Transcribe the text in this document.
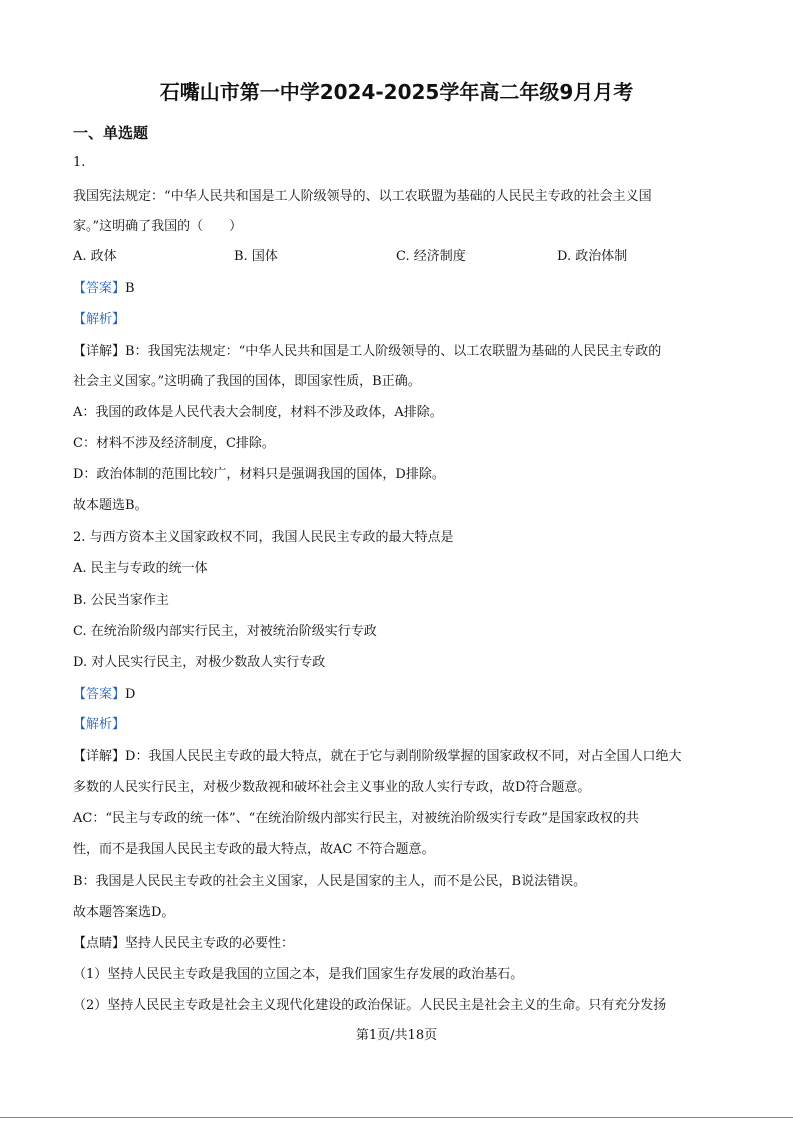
石嘴山市第一中学2024-2025学年高二年级9月月考
一、单选题
1.
我国宪法规定：“中华人民共和国是工人阶级领导的、以工农联盟为基础的人民民主专政的社会主义国
家。”这明确了我国的（　　）
A. 政体	B. 国体	C. 经济制度	D. 政治体制
【答案】B
【解析】
【详解】B：我国宪法规定：“中华人民共和国是工人阶级领导的、以工农联盟为基础的人民民主专政的
社会主义国家。”这明确了我国的国体，即国家性质，B正确。
A：我国的政体是人民代表大会制度，材料不涉及政体，A排除。
C：材料不涉及经济制度，C排除。
D：政治体制的范围比较广，材料只是强调我国的国体，D排除。
故本题选B。
2. 与西方资本主义国家政权不同，我国人民民主专政的最大特点是
A. 民主与专政的统一体
B. 公民当家作主
C. 在统治阶级内部实行民主，对被统治阶级实行专政
D. 对人民实行民主，对极少数敌人实行专政
【答案】D
【解析】
【详解】D：我国人民民主专政的最大特点，就在于它与剥削阶级掌握的国家政权不同，对占全国人口绝大
多数的人民实行民主，对极少数敌视和破坏社会主义事业的敌人实行专政，故D符合题意。
AC：“民主与专政的统一体”、“在统治阶级内部实行民主，对被统治阶级实行专政”是国家政权的共
性，而不是我国人民民主专政的最大特点，故AC 不符合题意。
B：我国是人民民主专政的社会主义国家，人民是国家的主人，而不是公民，B说法错误。
故本题答案选D。
【点睛】坚持人民民主专政的必要性：
（1）坚持人民民主专政是我国的立国之本，是我们国家生存发展的政治基石。
（2）坚持人民民主专政是社会主义现代化建设的政治保证。人民民主是社会主义的生命。只有充分发扬
第1页/共18页
